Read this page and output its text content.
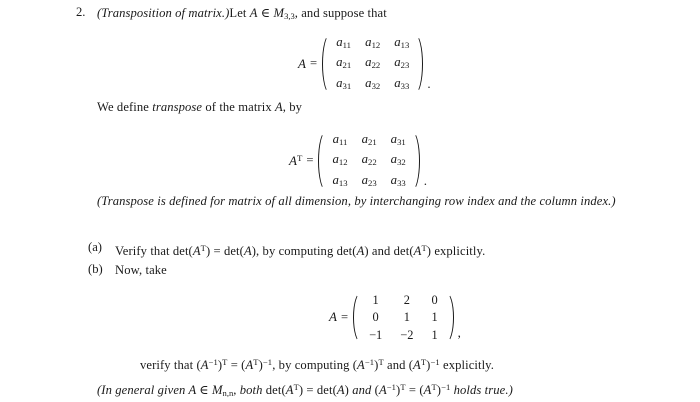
2. (Transposition of matrix.)Let A ∈ $M_{3,3}$, and suppose that
A =
$a_{11}$	$a_{12}$	$a_{13}$
$a_{21}$	$a_{22}$	$a_{23}$
$a_{31}$	$a_{32}$	$a_{33}$ .
We define transpose of the matrix A, by
$A^T$ =
$a_{11}$	$a_{21}$	$a_{31}$
$a_{12}$	$a_{22}$	$a_{32}$
$a_{13}$	$a_{23}$	$a_{33}$ .
(Transpose is defined for matrix of all dimension, by interchanging row index and the column index.)
(a) Verify that $\det(A^T) = \det(A)$, by computing det(A) and $\det(A^T)$ explicitly.
(b) Now, take
A =
1	2	0
0	1	1
−1	−2	1 ,
verify that $(A^{-1})^T = (A^T)^{-1}$, by computing $(A^{-1})^T$ and $(A^T)^{-1}$ explicitly.
(In general given A ∈ $M_{n,n}$, both $\det(A^T) = \det(A)$ and $(A^{-1})^T = (A^T)^{-1}$ holds true.)
